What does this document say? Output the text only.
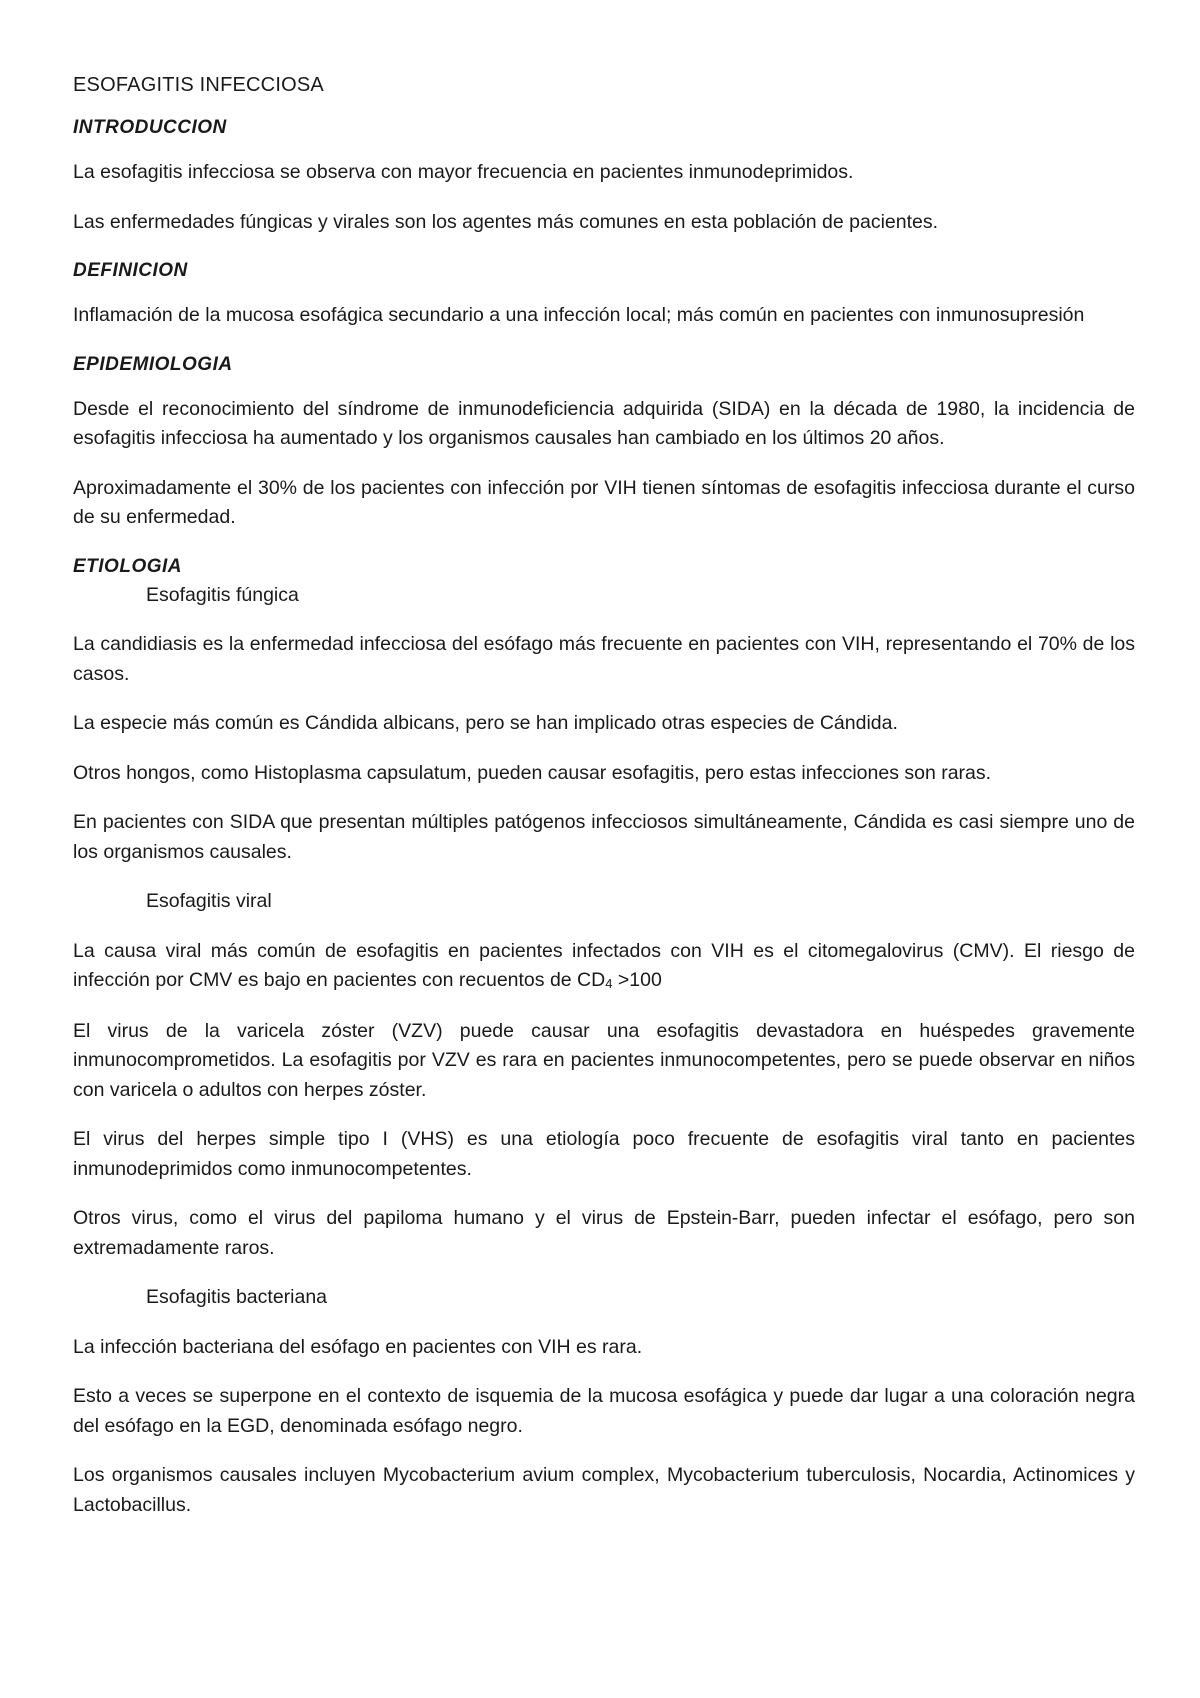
ESOFAGITIS INFECCIOSA
INTRODUCCION

La esofagitis infecciosa se observa con mayor frecuencia en pacientes inmunodeprimidos.

Las enfermedades fúngicas y virales son los agentes más comunes en esta población de pacientes.

DEFINICION

Inflamación de la mucosa esofágica secundario a una infección local; más común en pacientes con inmunosupresión

EPIDEMIOLOGIA

Desde el reconocimiento del síndrome de inmunodeficiencia adquirida (SIDA) en la década de 1980, la incidencia de esofagitis infecciosa ha aumentado y los organismos causales han cambiado en los últimos 20 años.

Aproximadamente el 30% de los pacientes con infección por VIH tienen síntomas de esofagitis infecciosa durante el curso de su enfermedad.

ETIOLOGIA
Esofagitis fúngica

La candidiasis es la enfermedad infecciosa del esófago más frecuente en pacientes con VIH, representando el 70% de los casos.

La especie más común es Cándida albicans, pero se han implicado otras especies de Cándida.

Otros hongos, como Histoplasma capsulatum, pueden causar esofagitis, pero estas infecciones son raras.

En pacientes con SIDA que presentan múltiples patógenos infecciosos simultáneamente, Cándida es casi siempre uno de los organismos causales.

Esofagitis viral

La causa viral más común de esofagitis en pacientes infectados con VIH es el citomegalovirus (CMV). El riesgo de infección por CMV es bajo en pacientes con recuentos de $CD_4 >100$

El virus de la varicela zóster (VZV) puede causar una esofagitis devastadora en huéspedes gravemente inmunocomprometidos. La esofagitis por VZV es rara en pacientes inmunocompetentes, pero se puede observar en niños con varicela o adultos con herpes zóster.

El virus del herpes simple tipo I (VHS) es una etiología poco frecuente de esofagitis viral tanto en pacientes inmunodeprimidos como inmunocompetentes.

Otros virus, como el virus del papiloma humano y el virus de Epstein-Barr, pueden infectar el esófago, pero son extremadamente raros.

Esofagitis bacteriana

La infección bacteriana del esófago en pacientes con VIH es rara.

Esto a veces se superpone en el contexto de isquemia de la mucosa esofágica y puede dar lugar a una coloración negra del esófago en la EGD, denominada esófago negro.

Los organismos causales incluyen Mycobacterium avium complex, Mycobacterium tuberculosis, Nocardia, Actinomices y Lactobacillus.
